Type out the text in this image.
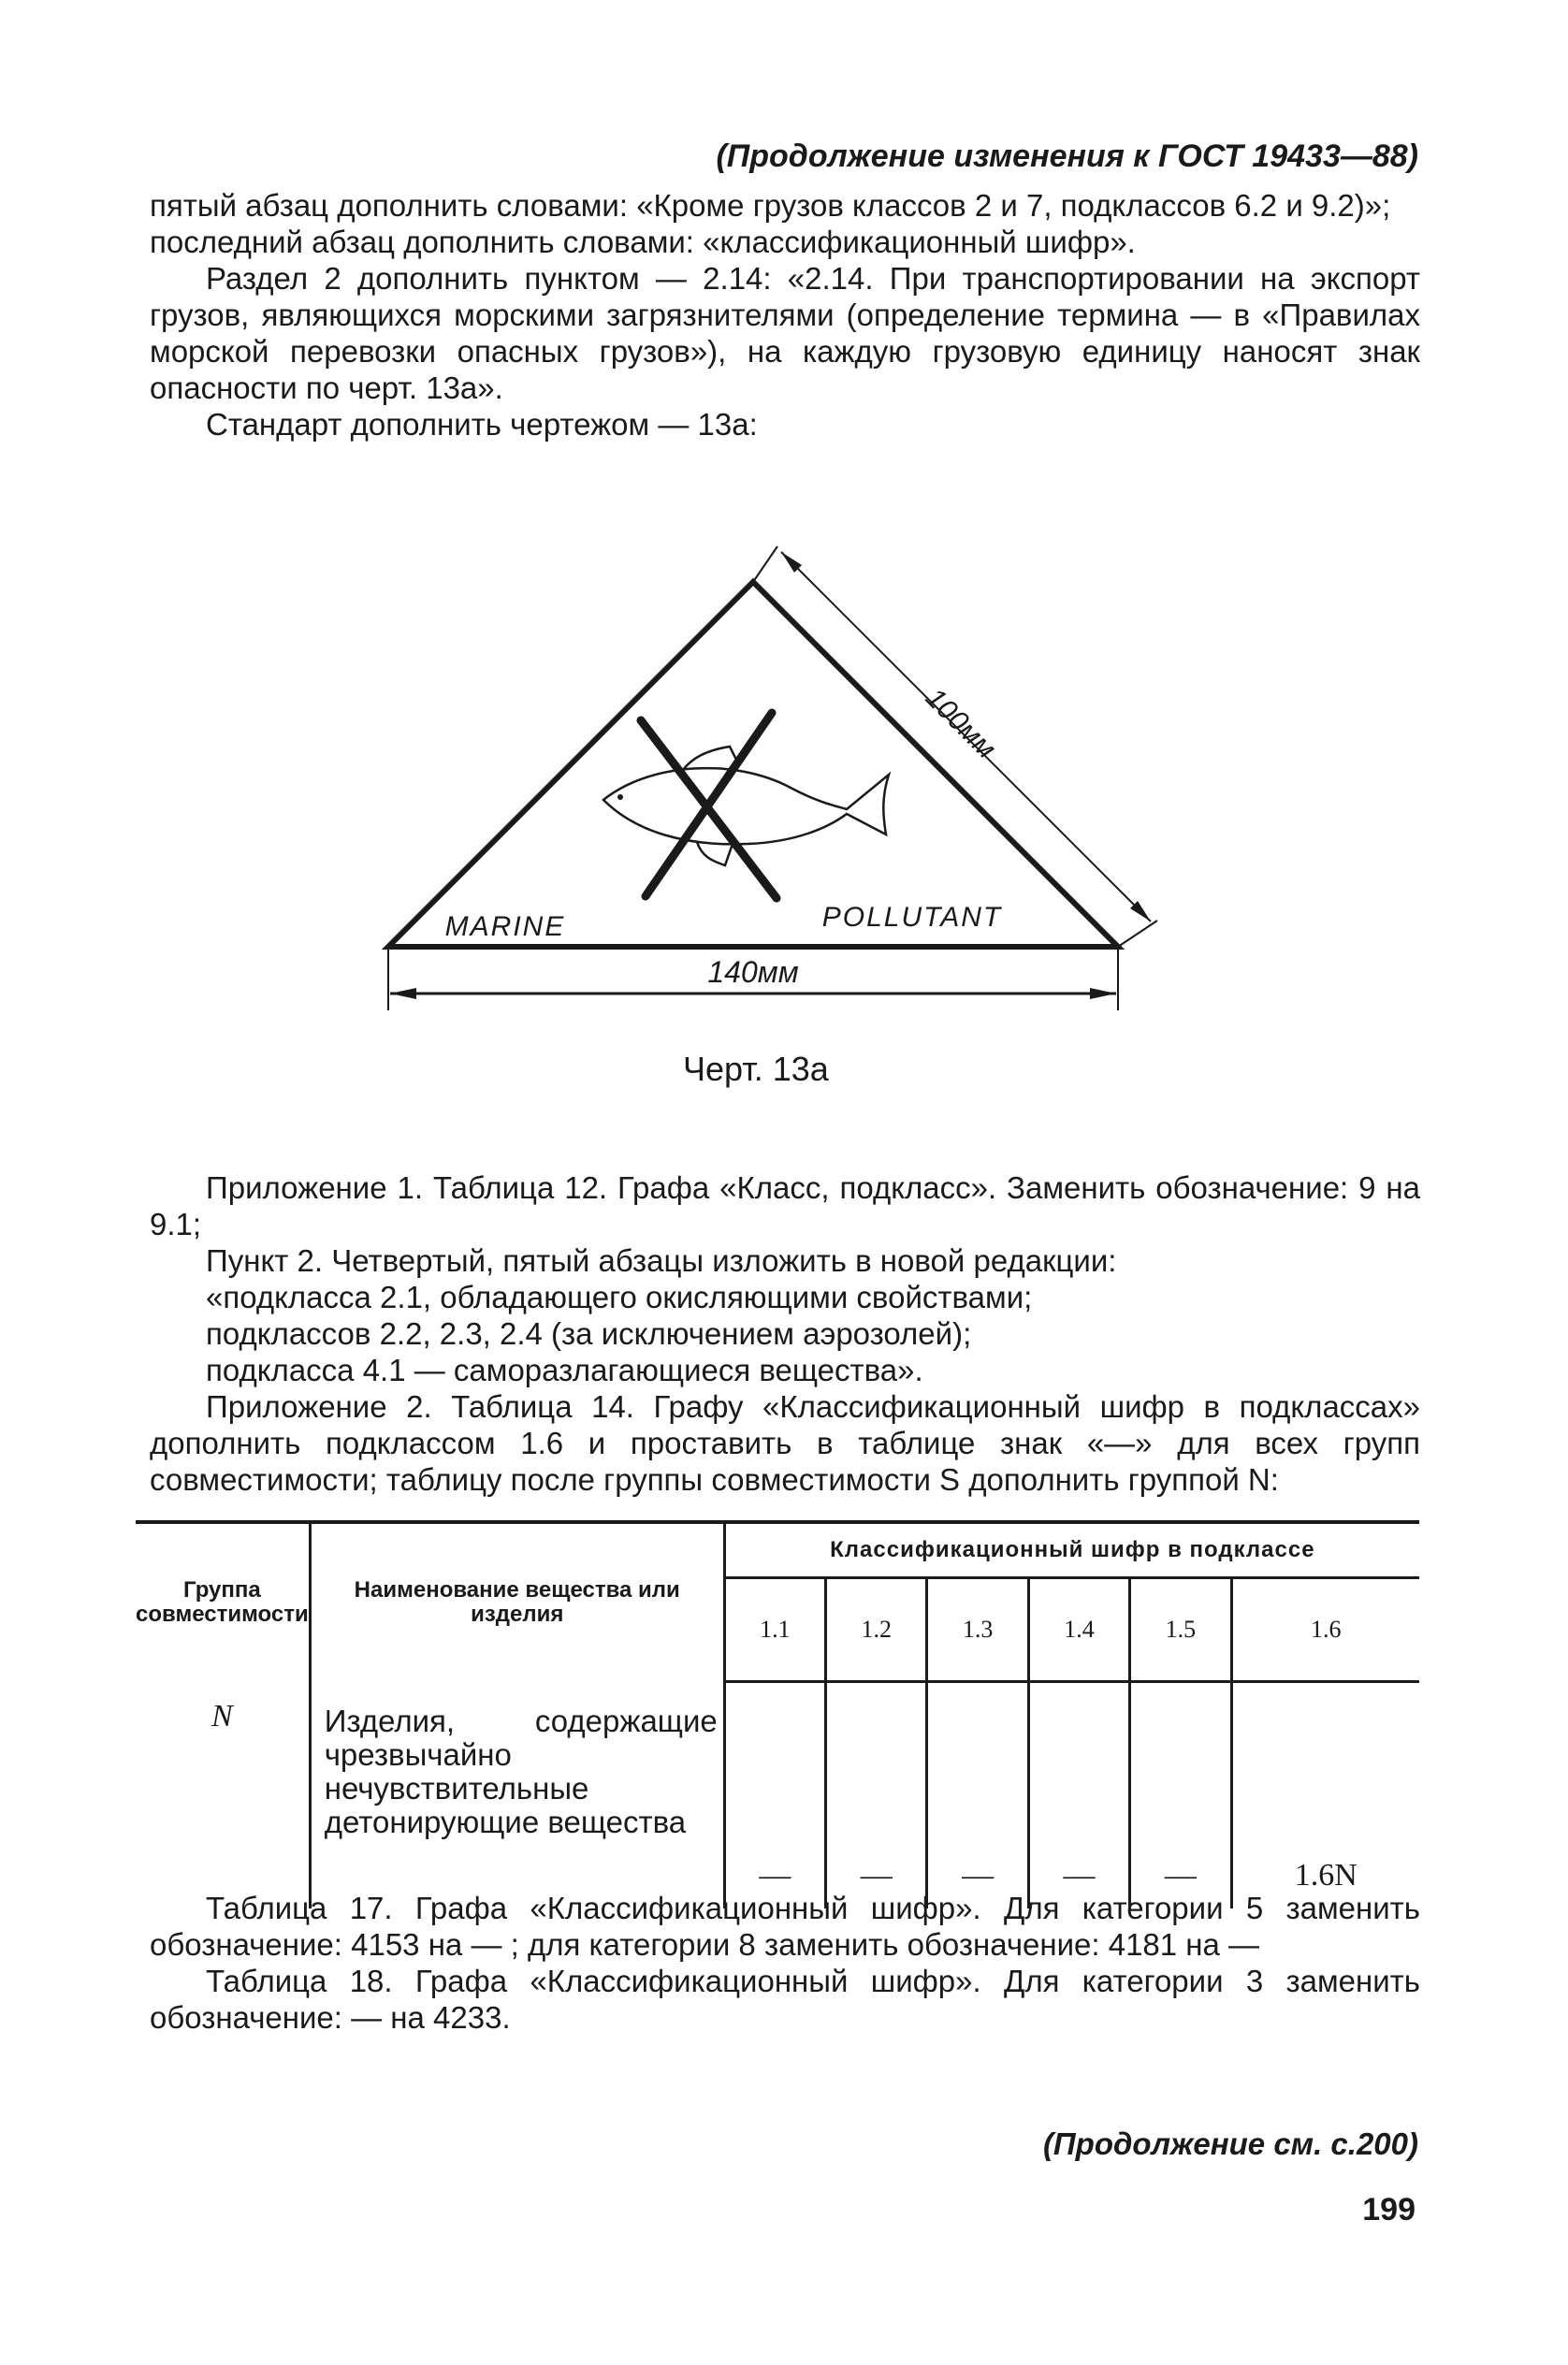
(Продолжение изменения к ГОСТ 19433—88)

пятый абзац дополнить словами: «Кроме грузов классов 2 и 7, подклассов 6.2 и 9.2)»;

последний абзац дополнить словами: «классификационный шифр».

Раздел 2 дополнить пунктом — 2.14: «2.14. При транспортировании на экспорт грузов, являющихся морскими загрязнителями (определение термина — в «Правилах морской перевозки опасных грузов»), на каждую грузовую единицу наносят знак опасности по черт. 13а».

Стандарт дополнить чертежом — 13а:

100мм
140мм
MARINE	POLLUTANT
Черт. 13а

Приложение 1. Таблица 12. Графа «Класс, подкласс». Заменить обозначение: 9 на 9.1;

Пункт 2. Четвертый, пятый абзацы изложить в новой редакции:

«подкласса 2.1, обладающего окисляющими свойствами;

подклассов 2.2, 2.3, 2.4 (за исключением аэрозолей);

подкласса 4.1 — саморазлагающиеся вещества».

Приложение 2. Таблица 14. Графу «Классификационный шифр в подклассах» дополнить подклассом 1.6 и проставить в таблице знак «—» для всех групп совместимости; таблицу после группы совместимости S дополнить группой N:

Группа совместимости	Наименование вещества или изделия	Классификационный шифр в подклассе					
		1.1	1.2	1.3	1.4	1.5	1.6
N	Изделия, содержащие чрезвычайно нечувствительные детонирующие вещества	—	—	—	—	—	1.6N

Таблица 17. Графа «Классификационный шифр». Для категории 5 заменить обозначение: 4153 на — ; для категории 8 заменить обозначение: 4181 на —

Таблица 18. Графа «Классификационный шифр». Для категории 3 заменить обозначение: — на 4233.

(Продолжение см. с.200)
199
